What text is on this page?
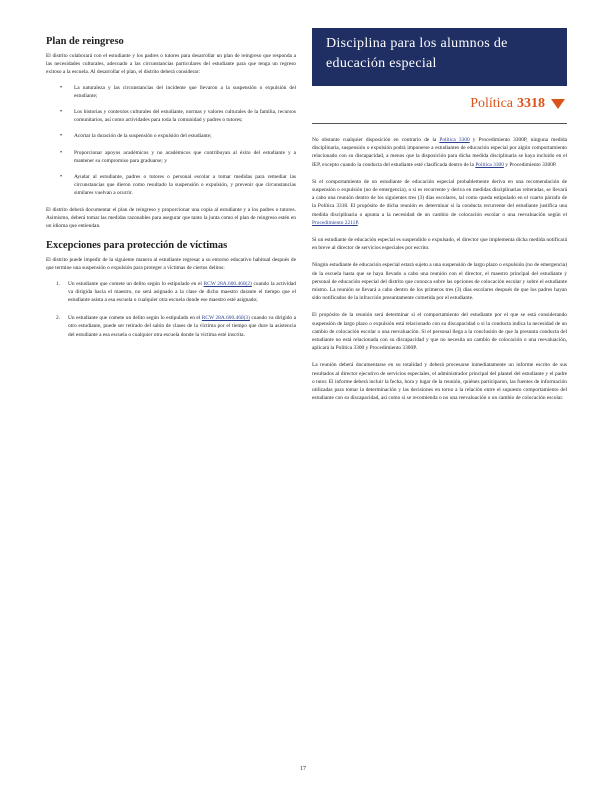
Plan de reingreso

El distrito colaborará con el estudiante y los padres o tutores para desarrollar un plan de reingreso que responda a las necesidades culturales, adecuado a las circunstancias particulares del estudiante para que tenga un regreso exitoso a la escuela. Al desarrollar el plan, el distrito deberá considerar:

• La naturaleza y las circunstancias del incidente que llevaron a la suspensión o expulsión del estudiante;
• Los historias y contextos culturales del estudiante, normas y valores culturales de la familia, recursos comunitarios, así como actividades para toda la comunidad y padres o tutores;
• Acortar la duración de la suspensión o expulsión del estudiante;
• Proporcionar apoyos académicos y no académicos que contribuyan al éxito del estudiante y a mantener su compromiso para graduarse; y
• Ayudar al estudiante, padres o tutores o personal escolar a tomar medidas para remediar las circunstancias que dieron como resultado la suspensión o expulsión, y prevenir que circunstancias similares vuelvan a ocurrir.

El distrito deberá documentar el plan de reingreso y proporcionar una copia al estudiante y a los padres o tutores. Asimismo, deberá tomar las medidas razonables para asegurar que tanto la junta como el plan de reingreso estén en un idioma que entiendan.

Excepciones para protección de víctimas

El distrito puede impedir de la siguiente manera al estudiante regresar a su entorno educativo habitual después de que termine una suspensión o expulsión para proteger a víctimas de ciertos delitos:

1. Un estudiante que comete un delito según lo estipulado en el RCW 28A.600.460(2) cuando la actividad va dirigida hacia el maestro, no será asignado a la clase de dicho maestro durante el tiempo que el estudiante asista a esa escuela o cualquier otra escuela donde ese maestro esté asignado;
2. Un estudiante que comete un delito según lo estipulado en el RCW 28A.600.460(3) cuando va dirigido a otro estudiante, puede ser retirado del salón de clases de la víctima por el tiempo que dure la asistencia del estudiante a esa escuela o cualquier otra escuela donde la víctima esté inscrita.
Disciplina para los alumnos de educación especial
Política 3318

No obstante cualquier disposición en contrario de la Política 3300 y Procedimiento 3300P, ninguna medida disciplinaria, suspensión o expulsión podrá imponerse a estudiantes de educación especial por algún comportamiento relacionado con su discapacidad, a menos que la disposición para dicha medida disciplinaria se haya incluido en el IEP, excepto cuando la conducta del estudiante esté clasificada dentro de la Política 3300 y Procedimiento 3300P.

Si el comportamiento de un estudiante de educación especial probablemente deriva en una recomendación de suspensión o expulsión (no de emergencia), o si es recurrente y deriva en medidas disciplinarias reiteradas, se llevará a cabo una reunión dentro de los siguientes tres (3) días escolares, tal como queda estipulado en el cuarto párrafo de la Política 3318. El propósito de dicha reunión es determinar si la conducta recurrente del estudiante justifica una medida disciplinaria o apunta a la necesidad de un cambio de colocación escolar o una reevaluación según el Procedimiento 2211P.

Si un estudiante de educación especial es suspendido o expulsado, el director que implementa dicha medida notificará en breve al director de servicios especiales por escrito.

Ningún estudiante de educación especial estará sujeto a una suspensión de largo plazo o expulsión (no de emergencia) de la escuela hasta que se haya llevado a cabo una reunión con el director, el maestro principal del estudiante y personal de educación especial del distrito que conozca sobre las opciones de colocación escolar y sobre el estudiante mismo. La reunión se llevará a cabo dentro de los primeros tres (3) días escolares después de que los padres hayan sido notificados de la infracción presuntamente cometida por el estudiante.

El propósito de la reunión será determinar si el comportamiento del estudiante por el que se está considerando suspensión de largo plazo o expulsión está relacionado con su discapacidad o si la conducta indica la necesidad de un cambio de colocación escolar o una reevaluación. Si el personal llega a la conclusión de que la presunta conducta del estudiante no está relacionada con su discapacidad y que no necesita un cambio de colocación o una reevaluación, aplicará la Política 3300 y Procedimiento 3300P.

La reunión deberá documentarse en su totalidad y deberá procesarse inmediatamente un informe escrito de sus resultados al director ejecutivo de servicios especiales, el administrador principal del plantel del estudiante y el padre o tutor. El informe deberá incluir la fecha, hora y lugar de la reunión, quiénes participaron, las fuentes de información utilizadas para tomar la determinación y las decisiones en torno a la relación entre el supuesto comportamiento del estudiante con su discapacidad, así como si se recomienda o no una reevaluación o un cambio de colocación escolar.

17
